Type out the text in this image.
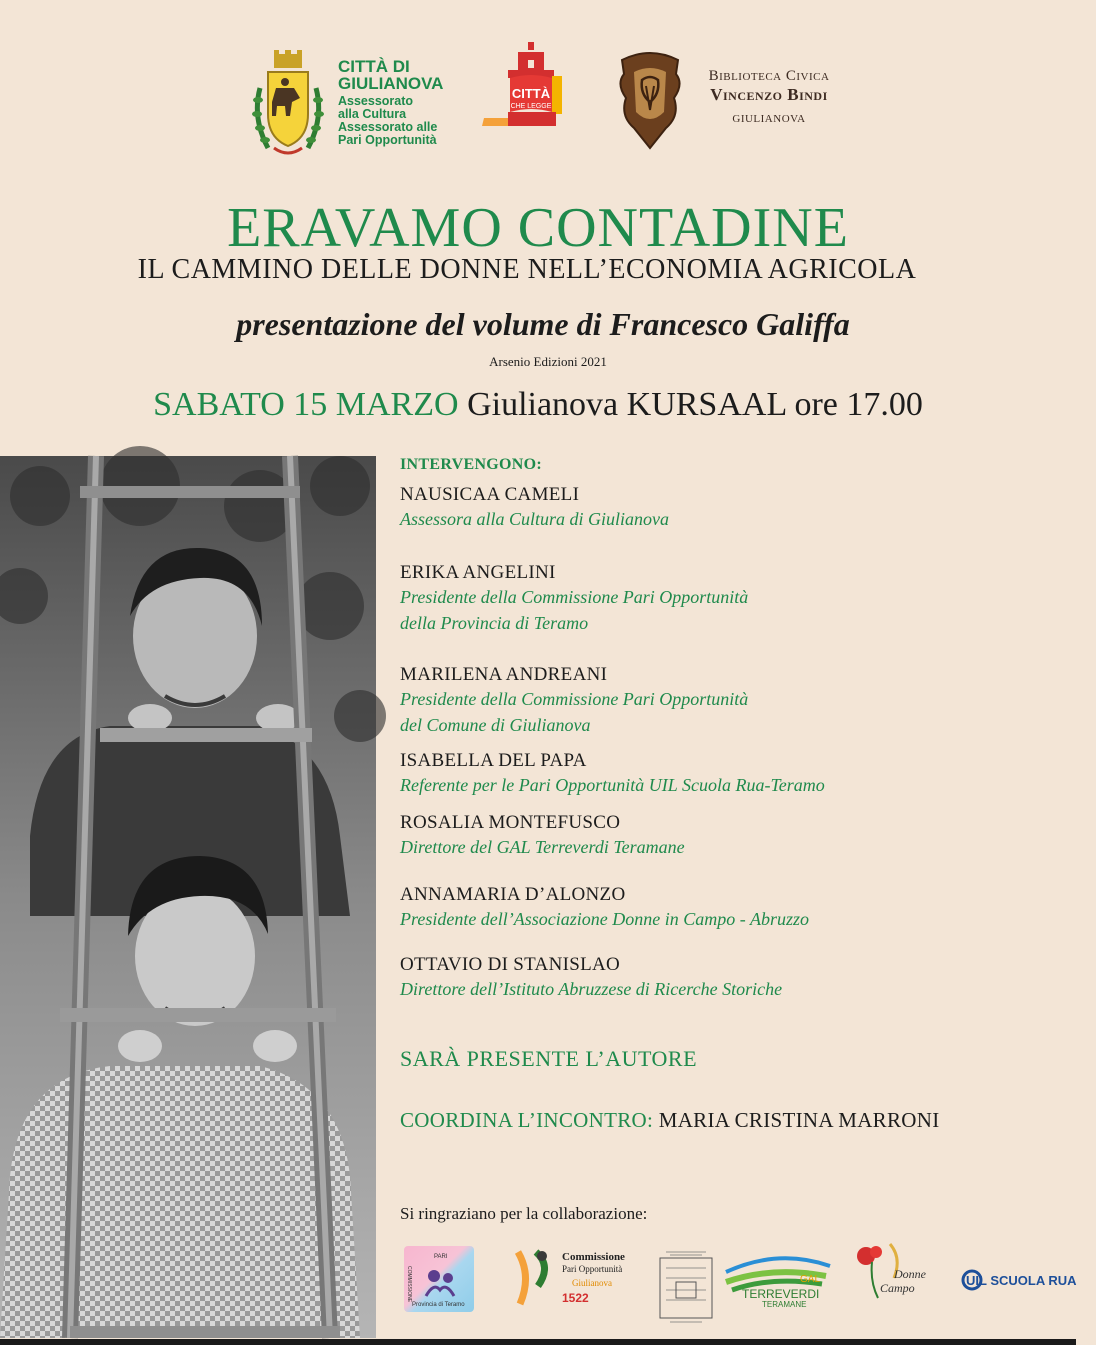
CITTÀ DI
GIULIANOVA
Assessorato
alla Cultura
Assessorato alle
Pari Opportunità
CITTÀ
CHE LEGGE
Biblioteca Civica
Vincenzo Bindi
GIULIANOVA
ERAVAMO CONTADINE
IL CAMMINO DELLE DONNE NELL’ECONOMIA AGRICOLA
presentazione del volume di Francesco Galiffa
Arsenio Edizioni 2021
SABATO 15 MARZO Giulianova KURSAAL ore 17.00
INTERVENGONO:
NAUSICAA CAMELI
Assessora alla Cultura di Giulianova
ERIKA ANGELINI
Presidente della Commissione Pari Opportunità
della Provincia di Teramo
MARILENA ANDREANI
Presidente della Commissione Pari Opportunità
del Comune di Giulianova
ISABELLA DEL PAPA
Referente per le Pari Opportunità UIL Scuola Rua-Teramo
ROSALIA MONTEFUSCO
Direttore del GAL Terreverdi Teramane
ANNAMARIA D’ALONZO
Presidente dell’Associazione Donne in Campo - Abruzzo
OTTAVIO DI STANISLAO
Direttore dell’Istituto Abruzzese di Ricerche Storiche
SARÀ PRESENTE L’AUTORE
COORDINA L’INCONTRO: MARIA CRISTINA MARRONI
Si ringraziano per la collaborazione:
Provincia di Teramo
PARI
COMMISSIONE
Commissione
Pari Opportunità
Giulianova
1522
GAL
TERREVERDI
TERAMANE
Donne
Campo	UIL SCUOLA RUA
